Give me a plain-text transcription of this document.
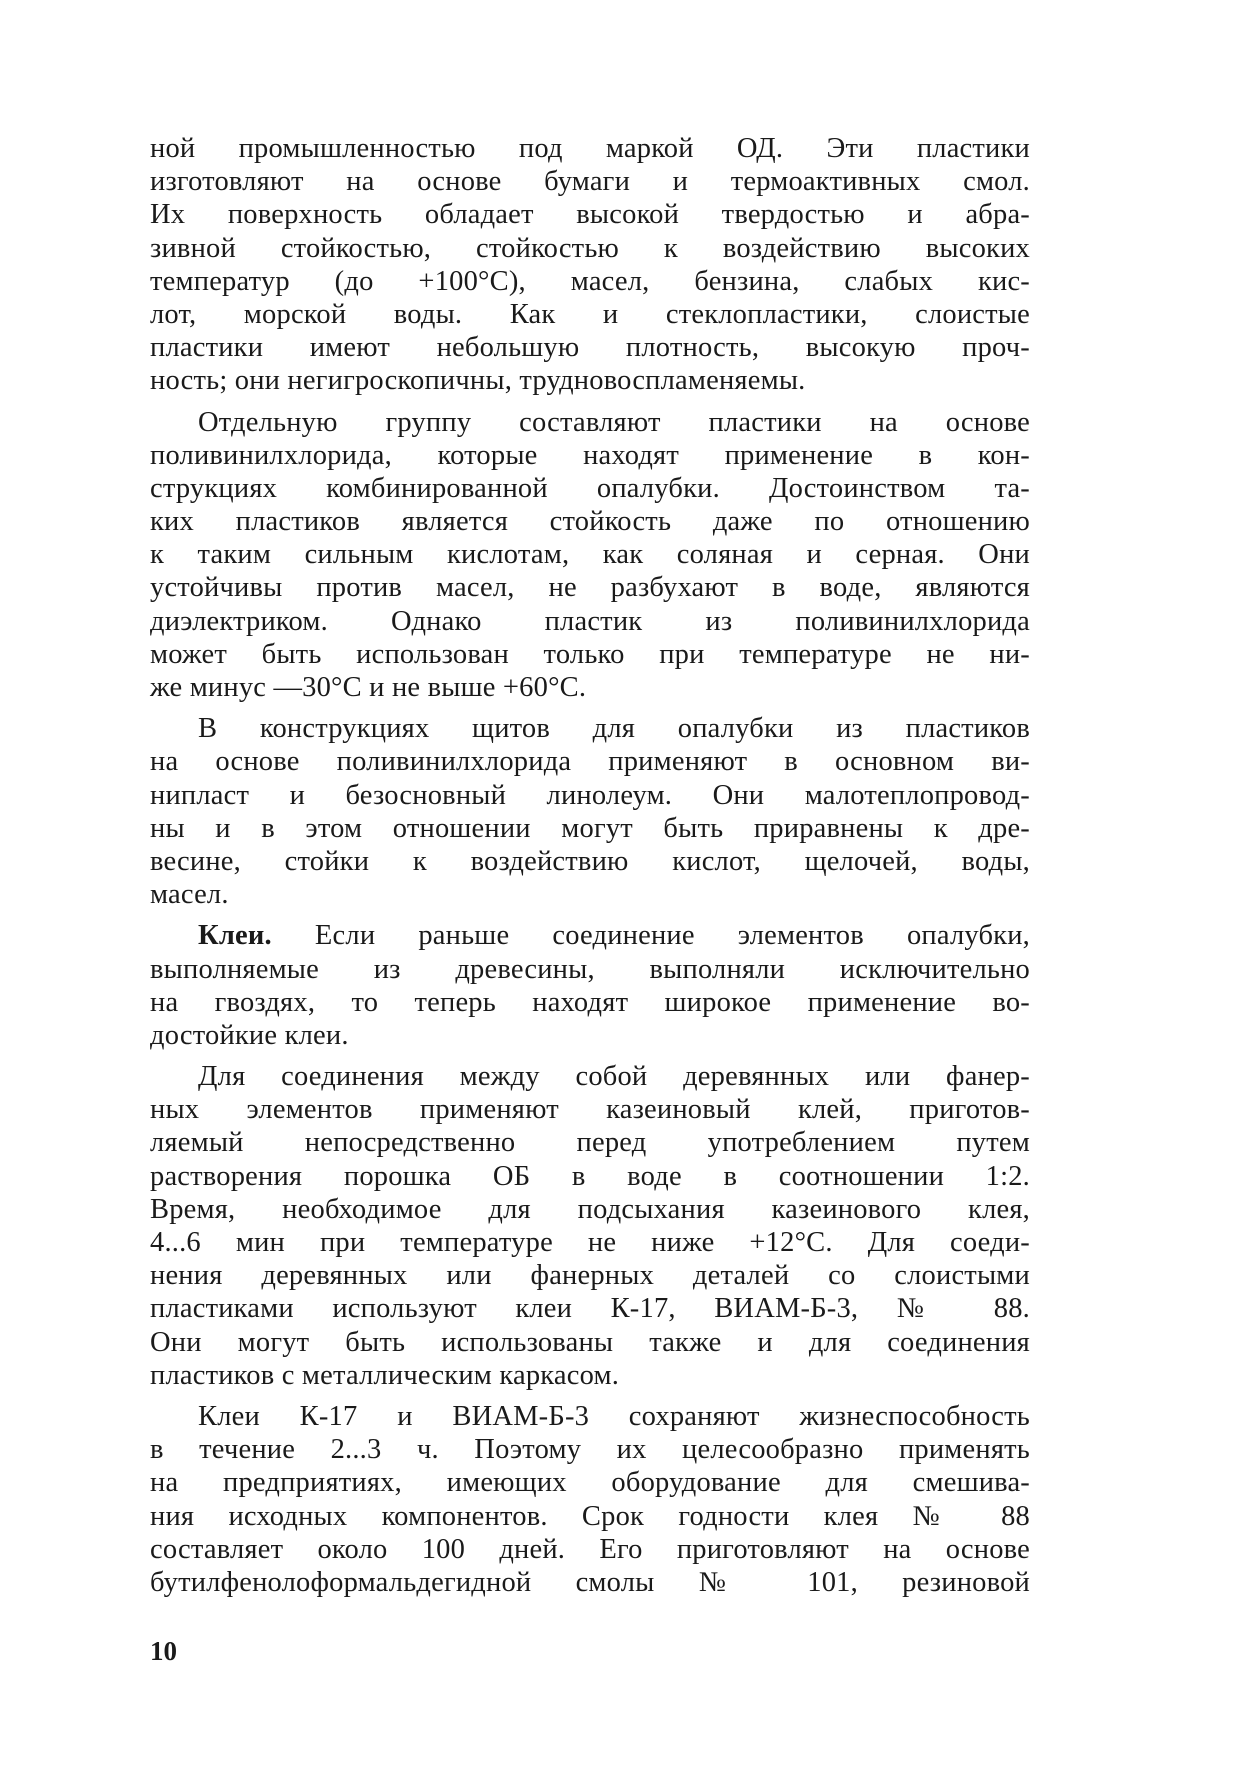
ной промышленностью под маркой ОД. Эти пластики
изготовляют на основе бумаги и термоактивных смол.
Их поверхность обладает высокой твердостью и абра-
зивной стойкостью, стойкостью к воздействию высоких
температур (до +100°С), масел, бензина, слабых кис-
лот, морской воды. Как и стеклопластики, слоистые
пластики имеют небольшую плотность, высокую проч-
ность; они негигроскопичны, трудновоспламеняемы.

Отдельную группу составляют пластики на основе
поливинилхлорида, которые находят применение в кон-
струкциях комбинированной опалубки. Достоинством та-
ких пластиков является стойкость даже по отношению
к таким сильным кислотам, как соляная и серная. Они
устойчивы против масел, не разбухают в воде, являются
диэлектриком. Однако пластик из поливинилхлорида
может быть использован только при температуре не ни-
же минус —30°С и не выше +60°С.

В конструкциях щитов для опалубки из пластиков
на основе поливинилхлорида применяют в основном ви-
нипласт и безосновный линолеум. Они малотеплопровод-
ны и в этом отношении могут быть приравнены к дре-
весине, стойки к воздействию кислот, щелочей, воды,
масел.

Клеи. Если раньше соединение элементов опалубки,
выполняемые из древесины, выполняли исключительно
на гвоздях, то теперь находят широкое применение во-
достойкие клеи.

Для соединения между собой деревянных или фанер-
ных элементов применяют казеиновый клей, приготов-
ляемый непосредственно перед употреблением путем
растворения порошка ОБ в воде в соотношении 1:2.
Время, необходимое для подсыхания казеинового клея,
4...6 мин при температуре не ниже +12°С. Для соеди-
нения деревянных или фанерных деталей со слоистыми
пластиками используют клеи К-17, ВИАМ-Б-3, № 88.
Они могут быть использованы также и для соединения
пластиков с металлическим каркасом.

Клеи К-17 и ВИАМ-Б-3 сохраняют жизнеспособность
в течение 2...3 ч. Поэтому их целесообразно применять
на предприятиях, имеющих оборудование для смешива-
ния исходных компонентов. Срок годности клея № 88
составляет около 100 дней. Его приготовляют на основе
бутилфенолоформальдегидной смолы № 101, резиновой

10
